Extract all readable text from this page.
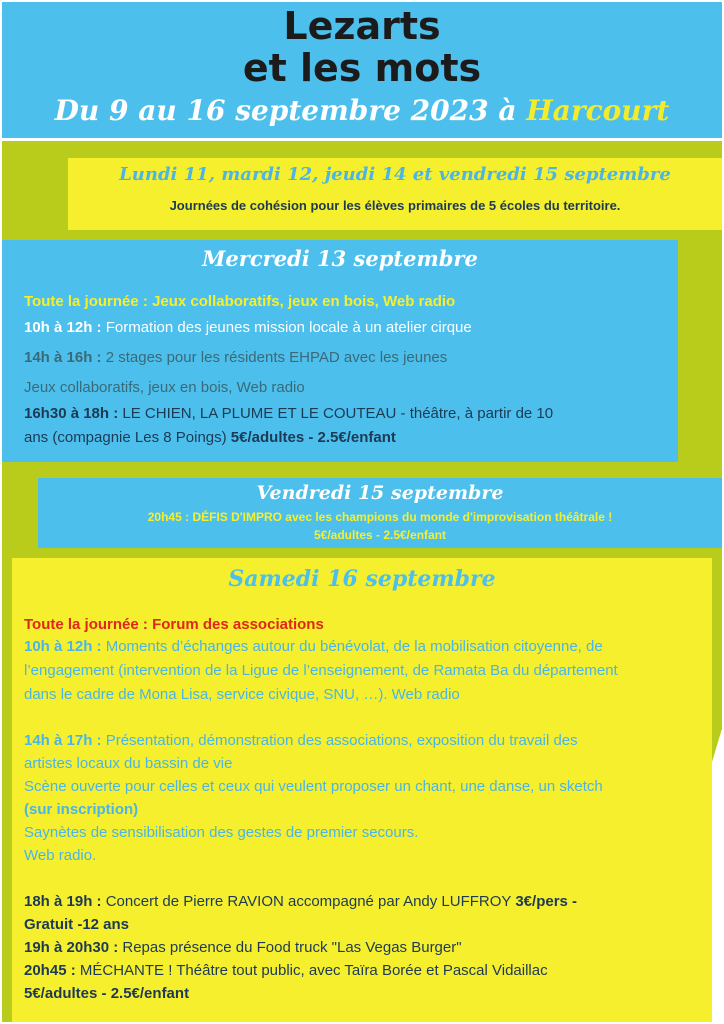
Lezarts
et les mots
Du 9 au 16 septembre 2023 à Harcourt
Lundi 11, mardi 12, jeudi 14 et vendredi 15 septembre
Journées de cohésion pour les élèves primaires de 5 écoles du territoire.
Mercredi 13 septembre
Toute la journée : Jeux collaboratifs, jeux en bois, Web radio
10h à 12h : Formation des jeunes mission locale à un atelier cirque
14h à 16h : 2 stages pour les résidents EHPAD avec les jeunes
Jeux collaboratifs, jeux en bois, Web radio
16h30 à 18h : LE CHIEN, LA PLUME ET LE COUTEAU - théâtre, à partir de 10
ans (compagnie Les 8 Poings) 5€/adultes - 2.5€/enfant
Vendredi 15 septembre
20h45 : DÉFIS D'IMPRO avec les champions du monde d'improvisation théâtrale !
5€/adultes - 2.5€/enfant
Samedi 16 septembre
Toute la journée : Forum des associations
10h à 12h : Moments d’échanges autour du bénévolat, de la mobilisation citoyenne, de
l’engagement (intervention de la Ligue de l’enseignement, de Ramata Ba du département
dans le cadre de Mona Lisa, service civique, SNU, …). Web radio
14h à 17h : Présentation, démonstration des associations, exposition du travail des
artistes locaux du bassin de vie
Scène ouverte pour celles et ceux qui veulent proposer un chant, une danse, un sketch
(sur inscription)
Saynètes de sensibilisation des gestes de premier secours.
Web radio.
18h à 19h : Concert de Pierre RAVION accompagné par Andy LUFFROY 3€/pers -
Gratuit -12 ans
19h à 20h30 : Repas présence du Food truck "Las Vegas Burger"
20h45 : MÉCHANTE ! Théâtre tout public, avec Taïra Borée et Pascal Vidaillac
5€/adultes - 2.5€/enfant
